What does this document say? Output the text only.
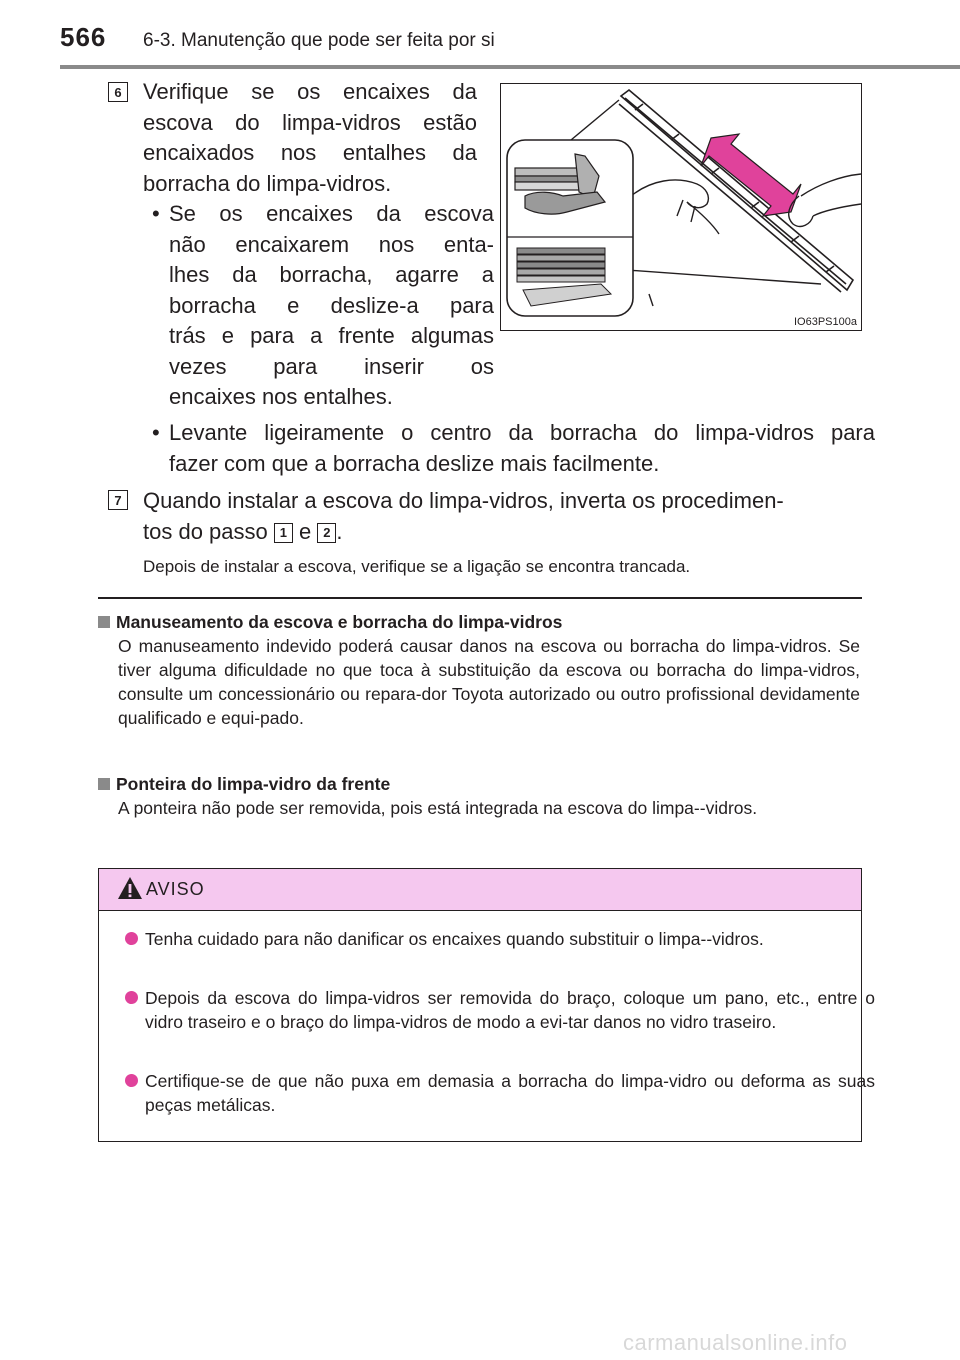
566 6-3. Manutenção que pode ser feita por si
6 Verifique se os encaixes da
escova do limpa-vidros estão
encaixados nos entalhes da
borracha do limpa-vidros.
• Se os encaixes da escova
não encaixarem nos enta-
lhes da borracha, agarre a
borracha e deslize-a para
trás e para a frente algumas
vezes para inserir os
encaixes nos entalhes.
• Levante ligeiramente o centro da borracha do limpa-vidros para
fazer com que a borracha deslize mais facilmente.
IO63PS100a
7 Quando instalar a escova do limpa-vidros, inverta os procedimen-
tos do passo 1 e 2 .
Depois de instalar a escova, verifique se a ligação se encontra trancada.
Manuseamento da escova e borracha do limpa-vidros
O manuseamento indevido poderá causar danos na escova ou borracha do limpa-vidros. Se tiver alguma dificuldade no que toca à substituição da escova ou borracha do limpa-vidros, consulte um concessionário ou repara-dor Toyota autorizado ou outro profissional devidamente qualificado e equi-pado.
Ponteira do limpa-vidro da frente
A ponteira não pode ser removida, pois está integrada na escova do limpa--vidros.
AVISO
Tenha cuidado para não danificar os encaixes quando substituir o limpa--vidros.
Depois da escova do limpa-vidros ser removida do braço, coloque um pano, etc., entre o vidro traseiro e o braço do limpa-vidros de modo a evi-tar danos no vidro traseiro.
Certifique-se de que não puxa em demasia a borracha do limpa-vidro ou deforma as suas peças metálicas.
carmanualsonline.info
